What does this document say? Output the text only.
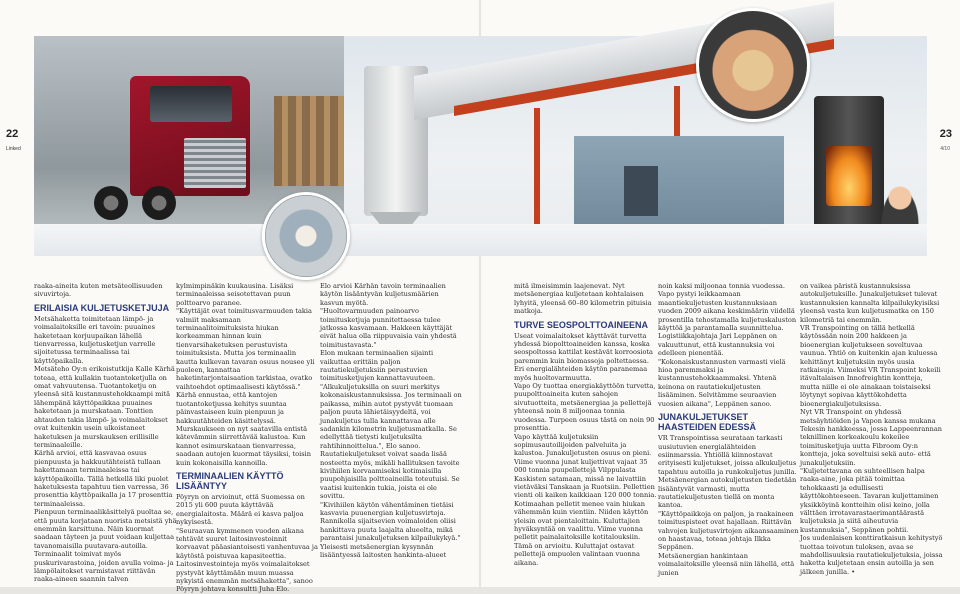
22	23
Linked	4/10

raaka-aineita kuten metsäteollisuuden sivuvirtoja.

ERILAISIA KULJETUSKETJUJA

Metsähaketta toimitetaan lämpö- ja voimalaitoksille eri tavoin: puuaines haketetaan korjuupaikan lähellä tienvarressa, kuljetusketjun varrelle sijoitetussa terminaalissa tai käyttöpaikalla.

Metsäteho Oy:n erikoistutkija Kalle Kärhä toteaa, että kullakin tuotantoketjulla on omat vahvuutensa. Tuotantoketju on yleensä sitä kustannustehokkaampi mitä lähempänä käyttöpaikkaa puuaines haketetaan ja murskataan. Tonttien ahtauden takia lämpö- ja voimalaitokset ovat kuitenkin usein ulkoistaneet haketuksen ja murskauksen erillisille terminaaleille.

Kärhä arvioi, että kasvavaa osuus pienpuusta ja hakkuutähteistä tullaan hakettamaan terminaaleissa tai käyttöpaikoilla. Tällä hetkellä liki puolet haketuksesta tapahtuu tien varressa, 36 prosenttia käyttöpaikalla ja 17 prosenttia terminaaleissa.

Pienpuun terminaalikäsittelyä puoltaa se, että puuta korjataan nuorista metsistä yhä enemmän karsittuna. Näin kuormat saadaan täyteen ja puut voidaan kuljettaa tavanomaisilla puutavara-autoilla. Terminaalit toimivat myös puskurivarastoina, joiden avulla voima- ja lämpölaitokset varmistavat riittävän raaka-aineen saannin talven

kylmimpinäkin kuukausina. Lisäksi terminaaleissa seisotettavan puun polttoarvo paranee.

"Käyttäjät ovat toimitusvarmuuden takia valmiit maksamaan terminaalitoimituksista hiukan korkeamman hinnan kuin tienvarsihaketuksen perustuvista toimituksista. Mutta jos terminaalin kautta kulkevan tavaran osuus nousee yli puoleen, kannattaa haketintarjontaisaation tarkistaa, ovatko vaihtoehdot optimaalisesti käytössä."

Kärhä ennustaa, että kantojen tuotantoketjussa kehitys suuntaa päinvastaiseen kuin pienpuun ja hakkuutähteiden käsittelyssä. Murskaukseen on nyt saatavilla entistä kätevämmin siirrettävää kalustoa. Kun kannot esimurskataan tienvarressa, saadaan autojen kuormat täysiksi, toisin kuin kokonaisilla kannoilla.

TERMINAALIEN KÄYTTÖ LISÄÄNTYY

Pöyryn on arvioinut, että Suomessa on 2015 yli 600 puuta käyttävää energialaitosta. Määrä ei kasva paljoa nykyisestä.

"Seuraavan kymmenen vuoden aikana tehtävät suuret laitosinvestoinnit korvaavat pääasiantoisesti vanhentuvaa ja käytöstä poistuvaa kapasiteettia. Laitosinvestointeja myös voimalaitokset pystyvät käyttämään muun muassa nykyistä enemmän metsähaketta", sanoo Pöyryn johtava konsultti Juha Elo.

Elo arvioi Kärhän tavoin terminaalien käytön lisääntyvän kuljetusmäärien kasvun myötä.

"Huoltovarmuuden painoarvo toimitusketjuja punnitettaessa tulee jatkossa kasvamaan. Hakkeen käyttäjät eivät halua olla riippuvaisia vain yhdestä toimitustavasta."

Elon mukaan terminaalien sijainti vaikuttaa erittäin paljon rautatiekuljetuksiin perustuvien toimitusketjujen kannattavuuteen.

"Alkukuljetuksilla on suuri merkitys kokonaiskustannuksissa. Jos terminaali on paikassa, mihin autot pystyvät tuomaan paljon puuta lähietäisyydeltä, voi junakuljetus tulla kannattavaa alle sadankin kilometrin kuljetusmatkalla. Se edellyttää tietysti kuljetuksilta rahtihinnoittelua.", Elo sanoo.

Rautatiekuljetukset voivat saada lisää nosteetta myös, mikäli hallituksen tavoite kivihiilen korvaamiseksi kotimaisilla puupohjaisilla polttoaineilla toteutuisi. Se vaatisi kuitenkin tukia, joista ei ole sovittu.

"Kivihiilen käytön vähentäminen tietäisi kasvavia puuenergian kuljetusvirtoja. Rannikolla sijaitsevien voimaloiden oliisi hankittava puuta laajalta alueelta, mikä parantaisi junakuljetuksen kilpailukykyä."

Yleisesti metsäenergian kysynnän lisääntyessä laitosten hankinta-alueet

mitä ilmeisimmin laajenevat. Nyt metsäenergiaa kuljetetaan kohtalaisen lyhyitä, yleensä 60–80 kilometrin pituisia matkoja.

TURVE SEOSPOLTTOAINEENA

Useat voimalaitokset käyttävät turvetta yhdessä biopolttoaineiden kanssa, koska seospoltossa kattilat kestävät korroosiota paremmin kuin biomassoja poltettaessa. Eri energialähteiden käytön paranemaa myös huoltovarmuutta.

Vapo Oy tuottaa energiakäyttöön turvetta, puupolttoaineita kuten sahojen sivutuotteita, metsäenergiaa ja pellettejä yhteensä noin 8 miljoonaa tonnia vuodessa. Turpeen osuus tästä on noin 90 prosenttia.

Vapo käyttää kuljetuksiin sopimusautoilijoiden palveluita ja kalustoa. Junakuljetusten osuus on pieni. Viime vuonna junat kuljettivat vajaat 35 000 tonnia puupellettejä Vilppulasta Kaskisten satamaan, missä ne laivattiin vietäväksi Tanskaan ja Ruotsiin. Pellettien vienti oli kaiken kaikkiaan 120 000 tonnia.

Kotimaahan pelletit menee vain hiukan vähemmän kuin vientiin. Niiden käyttön yleisin ovat pientaloittain. Kuluttajien hyväksyntää on vaalittu. Viime vuonna pelletit painalaitoksille kotitalouksiin. Tämä on arvioitu. Kuluttajat ostavat pellettejä ompuolen valintaan vuonna aikana.

noin kaksi miljoonaa tonnia vuodessa.

Vapo pystyi leikkaamaan maantiekuljetusten kustannuksiaan vuoden 2009 aikana keskimäärin viidellä prosentilla tehostamalla kuljetuskaluston käyttöä ja parantamalla suunnittelua. Logistiikkajohtaja Jari Leppänen on vakuuttunut, että kustannuksia voi edelleen pienentää.

"Kokonaiskustannusten varmasti vielä hioa paremmaksi ja kustannustehokkaammaksi. Yhtenä keinona on rautatiekuljetusten lisääminen. Selvitämme seuraavien vuosien aikana", Leppänen sanoo.

JUNAKULJETUKSET HAASTEIDEN EDESSÄ

VR Transpointissa seurataan tarkasti uusiutuvien energialähteiden esiinmarssia. Yhtiöllä kiinnostavat erityisesti kuljetukset, joissa alkukuljetus tapahtuu autoilla ja runkokuljetus junilla.

Metsäenergian autokuljetusten tiedetään lisääntyvät varmasti, mutta rautatiekuljetusten tiellä on monta kantoa.

"Käyttöpaikkoja on paljon, ja raakaineen toimituspisteet ovat hajallaan. Riittävän vahvojen kuljetusvirtojen aikaansaaminen on haastavaa, toteaa johtaja Ilkka Seppänen.

Metsäenergian hankintaan voimalaitoksille yleensä niin lähellä, että junien

on vaikea päristä kustannuksissa autokuljetuksille. Junakuljetukset tulevat kustannuksien kannalta kilpailukykyisiksi yleensä vasta kun kuljetusmatka on 150 kilometriä tai enemmän.

VR Transpointing on tällä hetkellä käytössään noin 200 hakkeen ja bioenergian kuljetukseen soveltuvaa vaunua. Yhtiö on kuitenkin ajan kuluessa kehittänyt kuljetuksiin myös uusia ratkaisuja. Viimeksi VR Transpoint kokeili itävaltalaisen Innofreightin konttejа, mutta niille ei ole ainakaan toistaiseksi löytynyt sopivaa käyttökohdetta bioenergiakuljetuksissa.

Nyt VR Transpoint on yhdessä metsäyhtiöiden ja Vapon kanssa mukana Tekesin hankkeessa, jossa Lappeenrannan teknillinen korkeakoulu kokeilee toimitusketjuja uutta Fibroom Oy:n kontteja, joka soveltuisi sekä auto- että junakuljetuksiin.

"Kuljetettavana on suhteellisen halpa raaka-aine, joka pitää toimittaa tehokkaasti ja edullisesti käyttökohteeseen. Tavaran kuljettaminen yksikköyinä kontteihin olisi keino, jolla välttäen irrotavarastaerimantäärastä kuljetuksia ja siitä aiheutuvia kustannuksia", Seppänen pohtii.

Jos uudenlaisen konttiratkaisun kehitystyö tuottaa toivotun tuloksen, avaa se mahdollisuuksia rautatiekuljetuksia, joissa haketta kuljetetaan ensin autoilla ja sen jälkeen junilla. •
